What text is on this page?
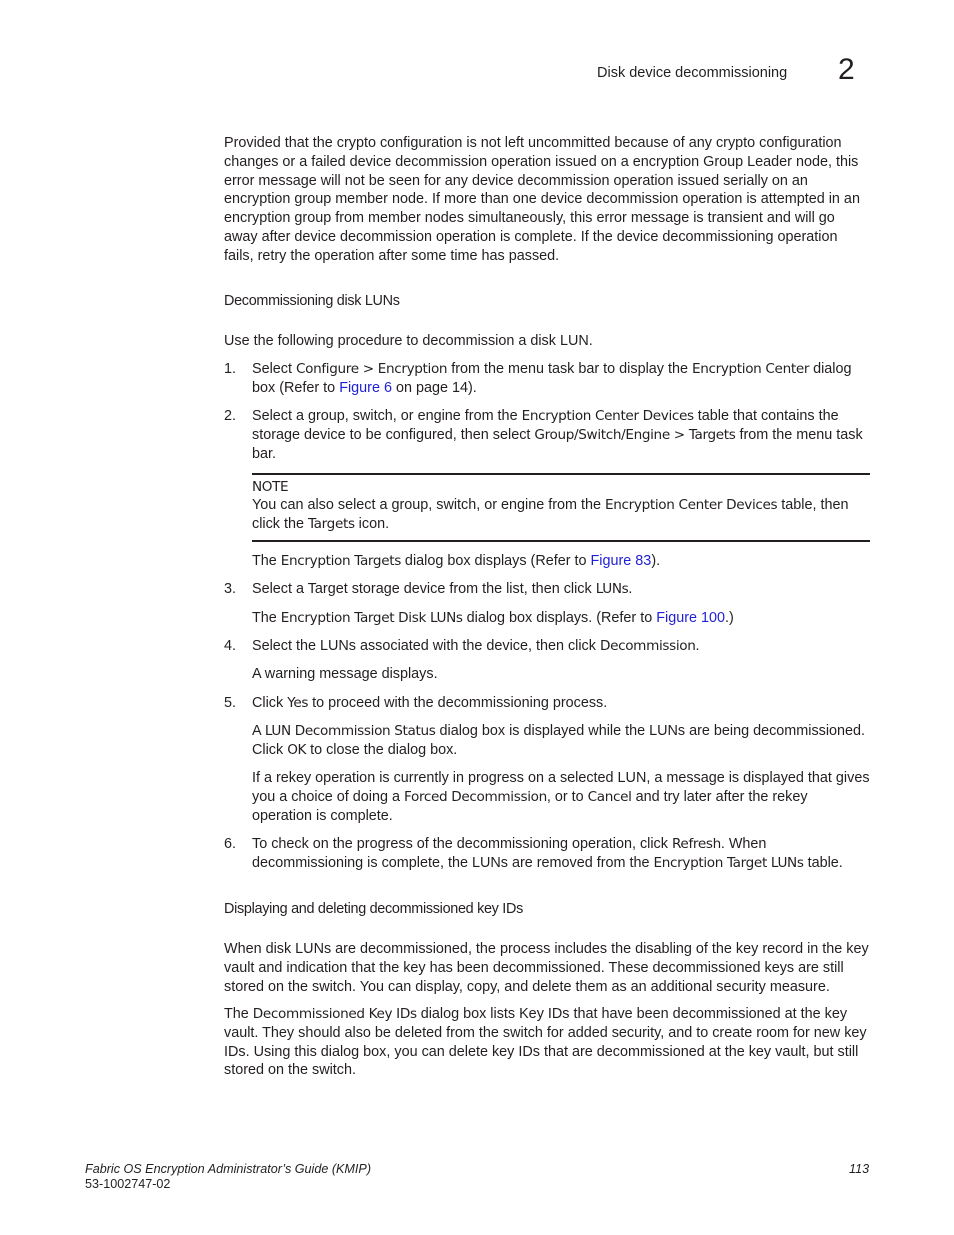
Disk device decommissioning 2

Provided that the crypto configuration is not left uncommitted because of any crypto configuration changes or a failed device decommission operation issued on a encryption Group Leader node, this error message will not be seen for any device decommission operation issued serially on an encryption group member node. If more than one device decommission operation is attempted in an encryption group from member nodes simultaneously, this error message is transient and will go away after device decommission operation is complete. If the device decommissioning operation fails, retry the operation after some time has passed.

Decommissioning disk LUNs

Use the following procedure to decommission a disk LUN.

1. Select Configure > Encryption from the menu task bar to display the Encryption Center dialog box (Refer to Figure 6 on page 14).
2. Select a group, switch, or engine from the Encryption Center Devices table that contains the storage device to be configured, then select Group/Switch/Engine > Targets from the menu task bar.
NOTE
You can also select a group, switch, or engine from the Encryption Center Devices table, then click the Targets icon.
The Encryption Targets dialog box displays (Refer to Figure 83).
3. Select a Target storage device from the list, then click LUNs.
The Encryption Target Disk LUNs dialog box displays. (Refer to Figure 100.)
4. Select the LUNs associated with the device, then click Decommission.
A warning message displays.
5. Click Yes to proceed with the decommissioning process.
A LUN Decommission Status dialog box is displayed while the LUNs are being decommissioned. Click OK to close the dialog box.
If a rekey operation is currently in progress on a selected LUN, a message is displayed that gives you a choice of doing a Forced Decommission, or to Cancel and try later after the rekey operation is complete.
6. To check on the progress of the decommissioning operation, click Refresh. When decommissioning is complete, the LUNs are removed from the Encryption Target LUNs table.
Displaying and deleting decommissioned key IDs

When disk LUNs are decommissioned, the process includes the disabling of the key record in the key vault and indication that the key has been decommissioned. These decommissioned keys are still stored on the switch. You can display, copy, and delete them as an additional security measure.

The Decommissioned Key IDs dialog box lists Key IDs that have been decommissioned at the key vault. They should also be deleted from the switch for added security, and to create room for new key IDs. Using this dialog box, you can delete key IDs that are decommissioned at the key vault, but still stored on the switch.

Fabric OS Encryption Administrator’s Guide (KMIP)
53-1002747-02
113
